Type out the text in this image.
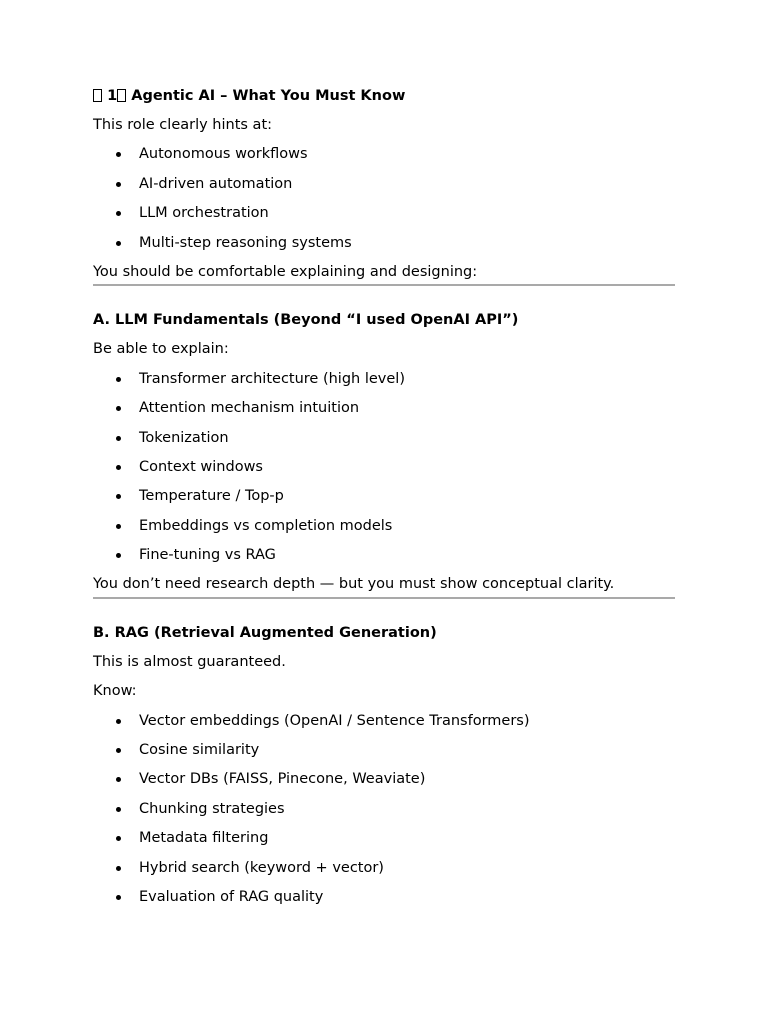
1 Agentic AI – What You Must Know
This role clearly hints at:
Autonomous workflows
AI-driven automation
LLM orchestration
Multi-step reasoning systems
You should be comfortable explaining and designing:
A. LLM Fundamentals (Beyond “I used OpenAI API”)
Be able to explain:
Transformer architecture (high level)
Attention mechanism intuition
Tokenization
Context windows
Temperature / Top-p
Embeddings vs completion models
Fine-tuning vs RAG
You don’t need research depth — but you must show conceptual clarity.
B. RAG (Retrieval Augmented Generation)
This is almost guaranteed.
Know:
Vector embeddings (OpenAI / Sentence Transformers)
Cosine similarity
Vector DBs (FAISS, Pinecone, Weaviate)
Chunking strategies
Metadata filtering
Hybrid search (keyword + vector)
Evaluation of RAG quality
